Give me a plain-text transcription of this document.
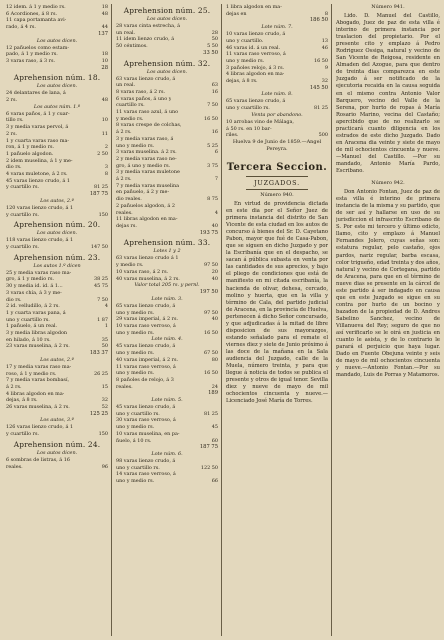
12 idem. á 1 y medio rs.	18
6 Acordiones, á 8 rs.	48
11 capa portamanta avi-
rado, á 4 rs.	44
137
Los autos dicen.
12 pañuelos como estam-
pado, á 1 y medio rs.	18
3 varas raso, á 3 rs.	10
28
Aprehension núm. 18.
Los autos dicen.
24 delantares de lana, á
2 rs.	48
Los autos núm. 1.º
6 varas paños, á 1 y cuar-
tillo rs.	10
3 y media varas pervol, á
2 rs.	11
1 y cuarta varas raso ma-
ron, á 1 y medio rs.	2
1 pañuelo algodon.	2 50
2 idem muselina, á 1 y me-
dio rs.	3
4 varas muletone, á 2 rs.	8
45 varas lienzo crudo, á 1
y cuartillo rs.	81 25
187 75
Los autos, 2.º
120 varas lienzo crudo, á 1
y cuartillo rs.	150
Aprehension núm. 20.
Los autos dicen.
118 varas lienzo crudo, á 1
y cuartillo rs.	147 50
Aprehension núm. 23.
Los autos 1.º dicen
25 y media varas raso ma-
gro, á 1 y medio rs.	38 25
30 y media id. id. á 1...	45 75
3 varas chía, á 3 y me-
dio rs.	7 50
2 id. velludillo, á 2 rs.	4
1 y cuarta varas pana, á
uno y cuartillo rs.	1 87
1 pañuelo, á un real.	1
3 y media libras algodon
en hilado, á 10 rs.	35
23 varas muselina, á 2 rs.	50
183 37
Los autos, 2.º
17 y media varas raso ma-
roso, á 1 y medio rs.	26 25
7 y media varas bombasí,
á 2 rs.	15
4 libras algodon en ma-
dejas, á 8 rs.	32
26 varas muselina, á 2 rs.	52
125 25
Los autos, 3.º
126 varas lienzo crudo, á 1
y cuartillo rs.	150
Aprehension núm. 24.
Los autos dicen.
6 sombras de listras, á 16
reales.	96
Aprehension núm. 25.
Los autos dicen.
28 varas cinta estrecha, á
un real.	28
11 idem lienzo crudo, á	50
50 céntimos.	5 50
33 50
Aprehension núm. 32.
Los autos dicen.
63 varas lienzo crudo, á
un real.	63
8 varas raso, á 2 rs.	16
6 varas paños, á uno y
cuartillo rs.	7 50
11 varas raso azul, á uno
y medio rs.	16 50
8 varas crespe de colchas,
á 2 rs.	16
3 y media varas raso, á
uno y medio rs.	5 25
3 varas muselina. á 2 rs.	6
2 y media varas raso ne-
gro, á uno y medio rs.	3 75
3 y media varas muletone
á 2 rs.	7
7 y media varas muselina
en pañuelo, á 2 y me-
dio reales.	8 75
2 pañuelos algodon, á 2
reales.	4
11 libras algodon en ma-
dejas rs.	40
193 75
Aprehension núm. 33.
Lotes 1 y 2
63 varas lienzo crudo á 1
y medio rs.	97 50
10 varas raso, á 2 rs.	20
40 varas muselina, á 2 rs.	40
Valor total 205 rs. y pernl.
197 50
Lote núm. 3.
65 varas lienzo crudo, á
uno y medio rs.	97 50
29 varas imperial, á 2 rs.	40
10 varas raso verroso, á
uno y medio rs.	16 50
Lote núm. 4.
45 varas lienzo crudo, á
uno y medio rs.	67 50
40 varas imperial, á 2 rs.	80
11 varas raso verroso, á
uno y medio rs.	16 50
8 pañoles de relojo, á 3
reales.	24
189
Lote núm. 5.
45 varas lienzo crudo, á
uno y cuartillo rs.	81 25
30 varas raso verroso, á
uno y medio rs.	45
10 varas muselina, en pa-
ñuelo, á 10 rs.	60
187 75
Lote núm. 6.
98 varas lienzo crudo, á
uno y cuartillo rs.	122 50
14 varas raso verroso, á
uno y medio rs.	66
1 libra algodon en ma-
dejas en	8
186 50
Lote núm. 7.
10 varas lienzo crudo, á
uno y cuartillo.	13
46 varas id. á un real.	46
11 varas raso verroso, á
uno y medio rs.	16 50
3 pañoles relojo, á 3 rs.	9
4 libras algodon en ma-
dejas, á 8 rs.	32
145 50
Lote núm. 8.
65 varas lienzo crudo, á
uno y cuartillo rs.	81 25
Venta por abandono.
10 arrobas vino de Málaga,
á 50 rs. en 10 bar-
riles.	500
Huelva 9 de Junio de 1859.—Angel Pereyra.
Tercera Seccion.
JUZGADOS.
Número 940.
En virtud de providencia dictada en este dia por el Señor Juez de primera instancia del distrito de San Vicente de esta ciudad en los autos de concurso á bienes del Sr. D. Cayetano Pabon, mayor que fué de Casa-Pabon, que se siguen en dicho Juzgado y por la Escribanía que en el despacho, se sacan á pública subasta en venta por las cantidades de sus aprecios, y bajo el pliego de condiciones que está de manifiesto en mi citada escribanía, la hacienda de olivar, dehesa, cercado, molino y huerta, que en la villa y término de Cala, del partido judicial de Aracena, en la provincia de Huelva, pertenecen á dicho Señor concursado, y que adjudicadas á la mitad de libre disposicion de sus mayorazgos, estando señalado para el remate el viernes diez y siete de Junio próximo á las doce de la mañana en la Sala audiencia del Juzgado, calle de la Muela, número treinta, y para que llegue á noticia de todos se publica el presente y otros de igual tenor. Sevilla diez y nueve de mayo de mil ochocientos cincuenta y nueve.—Licenciado José María de Torres.
Número 941.
Lido. D. Manuel del Castillo, Abogado, Juez de paz de esta villa é interino de primera instancia por traslacion del propietario. Por el presente cito y emplazo á Pedro Rodriguez Ossiga, natural y vecino de San Vicente de Reigosa, residente en Almaden del Azogue, para que dentro de treinta dias comparezca en este Juzgado á ser notificado de la ejecutoria recaida en la causa seguida en el mismo contra Antonio Valor Barquero, vecino del Valle de la Serena, por hurto de ropas á María Rosario Marino, vecina del Castaño; apercibido que de no realizarlo se practicará cuanto diligencia en los estrados de este dicho Juzgado. Dado en Aracena dia veinte y siete de mayo de mil ochocientos cincuenta y nueve.—Manuel del Castillo. —Por su mandado, Antonio María Pardo, Escribano.
Número 942.
Don Antonio Fontan, Juez de paz de esta villa é interino de primera instancia de la misma y su partido, que de ser así y hallarse en uso de su jurisdiccion el infrascrito Escribano de S. Por este mi tercero y último edicto, llamo, cito y emplazo á Manuel Fernandes Jolero, cuyas señas son: estatura regular, pelo castaño, ojos pardos, nariz regular, barba escasa, color trigueño, edad treinta y dos años, natural y vecino de Cortegana, partido de Aracena, para que en el término de nueve dias se presente en la cárcel de este partido á ser indagado en causa que en este Juzgado se sigue en su contra por hurto de un bocino y bazadon de la propiedad de D. Andres Sabelino Sanchez, vecino de Villanueva del Rey; seguro de que no así verificarlo se le oirá en justicia en cuanto le asista, y de lo contrario le parará el perjuicio que haya lugar. Dado en Fuente Obejuna veinte y seis de mayo de mil ochocientos cincuenta y nueve.—Antonio Fontan.—Por su mandado, Luis de Porras y Matamoros.
